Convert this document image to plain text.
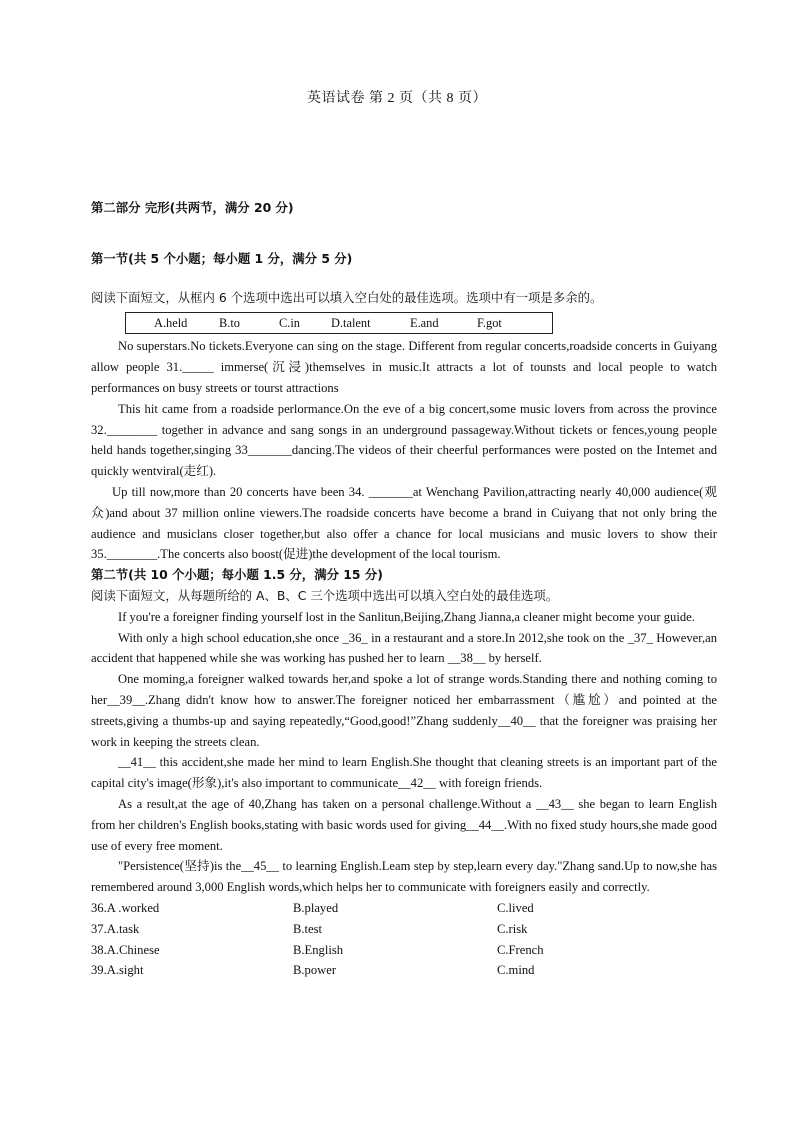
英语试卷 第 2 页（共 8 页）
第二部分 完形(共两节，满分 20 分)
第一节(共 5 个小题；每小题 1 分，满分 5 分)
阅读下面短文，从框内 6 个选项中选出可以填入空白处的最佳选项。选项中有一项是多余的。
A.held	B.to	C.in	D.talent	E.and	F.got

No superstars.No tickets.Everyone can sing on the stage. Different from regular concerts,roadside concerts in Guiyang allow people 31._____ immerse(沉浸)themselves in music.It attracts a lot of tounsts and local people to watch performances on busy streets or tourst attractions

This hit came from a roadside perlormance.On the eve of a big concert,some music lovers from across the province 32.________ together in advance and sang songs in an underground passageway.Without tickets or fences,young people held hands together,singing 33_______dancing.The videos of their cheerful performances were posted on the Intemet and quickly wentviral(走红).

Up till now,more than 20 concerts have been 34. _______at Wenchang Pavilion,attracting nearly 40,000 audience(观众)and about 37 million online viewers.The roadside concerts have become a brand in Cuiyang that not only bring the audience and musiclans closer together,but also offer a chance for local musicians and music lovers to show their 35.________.The concerts also boost(促进)the development of the local tourism.

第二节(共 10 个小题；每小题 1.5 分，满分 15 分)
阅读下面短文，从每题所给的 A、B、C 三个选项中选出可以填入空白处的最佳选项。

If you're a foreigner finding yourself lost in the Sanlitun,Beijing,Zhang Jianna,a cleaner might become your guide.

With only a high school education,she once _36_ in a restaurant and a store.In 2012,she took on the _37_ However,an accident that happened while she was working has pushed her to learn __38__ by herself.

One moming,a foreigner walked towards her,and spoke a lot of strange words.Standing there and nothing coming to her__39__.Zhang didn't know how to answer.The foreigner noticed her embarrassment（尴尬）and pointed at the streets,giving a thumbs-up and saying repeatedly,“Good,good!”Zhang suddenly__40__ that the foreigner was praising her work in keeping the streets clean.

__41__ this accident,she made her mind to learn English.She thought that cleaning streets is an important part of the capital city's image(形象),it's also important to communicate__42__ with foreign friends.

As a result,at the age of 40,Zhang has taken on a personal challenge.Without a __43__ she began to learn English from her children's English books,stating with basic words used for giving__44__.With no fixed study hours,she made good use of every free moment.

"Persistence(坚持)is the__45__ to learning English.Leam step by step,learn every day."Zhang sand.Up to now,she has remembered around 3,000 English words,which helps her to communicate with foreigners easily and correctly.

36.A .worked	B.played	C.lived
37.A.task	B.test	C.risk
38.A.Chinese	B.English	C.French
39.A.sight	B.power	C.mind
